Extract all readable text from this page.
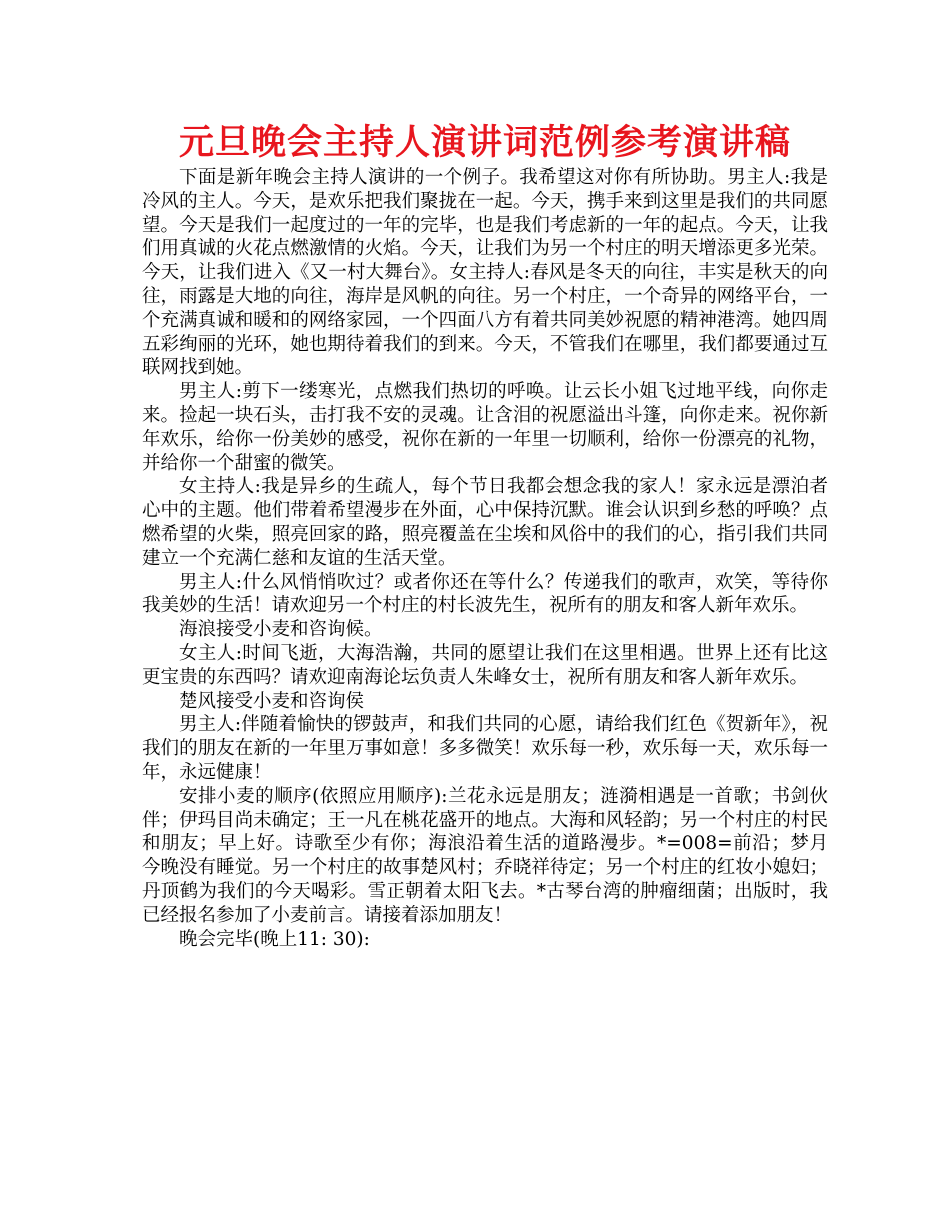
元旦晚会主持人演讲词范例参考演讲稿

下面是新年晚会主持人演讲的一个例子。我希望这对你有所协助。男主人:我是冷风的主人。今天，是欢乐把我们聚拢在一起。今天，携手来到这里是我们的共同愿望。今天是我们一起度过的一年的完毕，也是我们考虑新的一年的起点。今天，让我们用真诚的火花点燃激情的火焰。今天，让我们为另一个村庄的明天增添更多光荣。今天，让我们进入《又一村大舞台》。女主持人:春风是冬天的向往，丰实是秋天的向往，雨露是大地的向往，海岸是风帆的向往。另一个村庄，一个奇异的网络平台，一个充满真诚和暖和的网络家园，一个四面八方有着共同美妙祝愿的精神港湾。她四周五彩绚丽的光环，她也期待着我们的到来。今天，不管我们在哪里，我们都要通过互联网找到她。

男主人:剪下一缕寒光，点燃我们热切的呼唤。让云长小姐飞过地平线，向你走来。捡起一块石头，击打我不安的灵魂。让含泪的祝愿溢出斗篷，向你走来。祝你新年欢乐，给你一份美妙的感受，祝你在新的一年里一切顺利，给你一份漂亮的礼物，并给你一个甜蜜的微笑。

女主持人:我是异乡的生疏人，每个节日我都会想念我的家人！家永远是漂泊者心中的主题。他们带着希望漫步在外面，心中保持沉默。谁会认识到乡愁的呼唤？点燃希望的火柴，照亮回家的路，照亮覆盖在尘埃和风俗中的我们的心，指引我们共同建立一个充满仁慈和友谊的生活天堂。

男主人:什么风悄悄吹过？或者你还在等什么？传递我们的歌声，欢笑，等待你我美妙的生活！请欢迎另一个村庄的村长波先生，祝所有的朋友和客人新年欢乐。

海浪接受小麦和咨询候。

女主人:时间飞逝，大海浩瀚，共同的愿望让我们在这里相遇。世界上还有比这更宝贵的东西吗？请欢迎南海论坛负责人朱峰女士，祝所有朋友和客人新年欢乐。

楚风接受小麦和咨询侯

男主人:伴随着愉快的锣鼓声，和我们共同的心愿，请给我们红色《贺新年》，祝我们的朋友在新的一年里万事如意！多多微笑！欢乐每一秒，欢乐每一天，欢乐每一年，永远健康！

安排小麦的顺序(依照应用顺序):兰花永远是朋友；涟漪相遇是一首歌；书剑伙伴；伊玛目尚未确定；王一凡在桃花盛开的地点。大海和风轻韵；另一个村庄的村民和朋友；早上好。诗歌至少有你；海浪沿着生活的道路漫步。*=008=前沿；梦月今晚没有睡觉。另一个村庄的故事楚风村；乔晓祥待定；另一个村庄的红妆小媳妇；丹顶鹤为我们的今天喝彩。雪正朝着太阳飞去。*古琴台湾的肿瘤细菌；出版时，我已经报名参加了小麦前言。请接着添加朋友！

晚会完毕(晚上11: 30):
